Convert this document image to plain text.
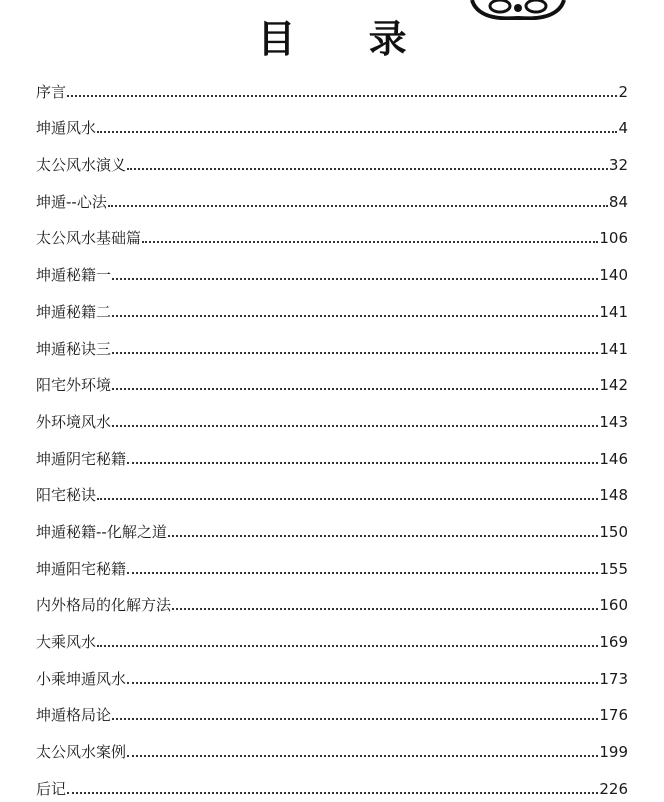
目 录
序言	2
坤遁风水	4
太公风水演义	32
坤遁--心法	84
太公风水基础篇	106
坤遁秘籍一	140
坤遁秘籍二	141
坤遁秘诀三	141
阳宅外环境	142
外环境风水	143
坤遁阴宅秘籍	146
阳宅秘诀	148
坤遁秘籍--化解之道	150
坤遁阳宅秘籍	155
内外格局的化解方法	160
大乘风水	169
小乘坤遁风水	173
坤遁格局论	176
太公风水案例	199
后记	226
